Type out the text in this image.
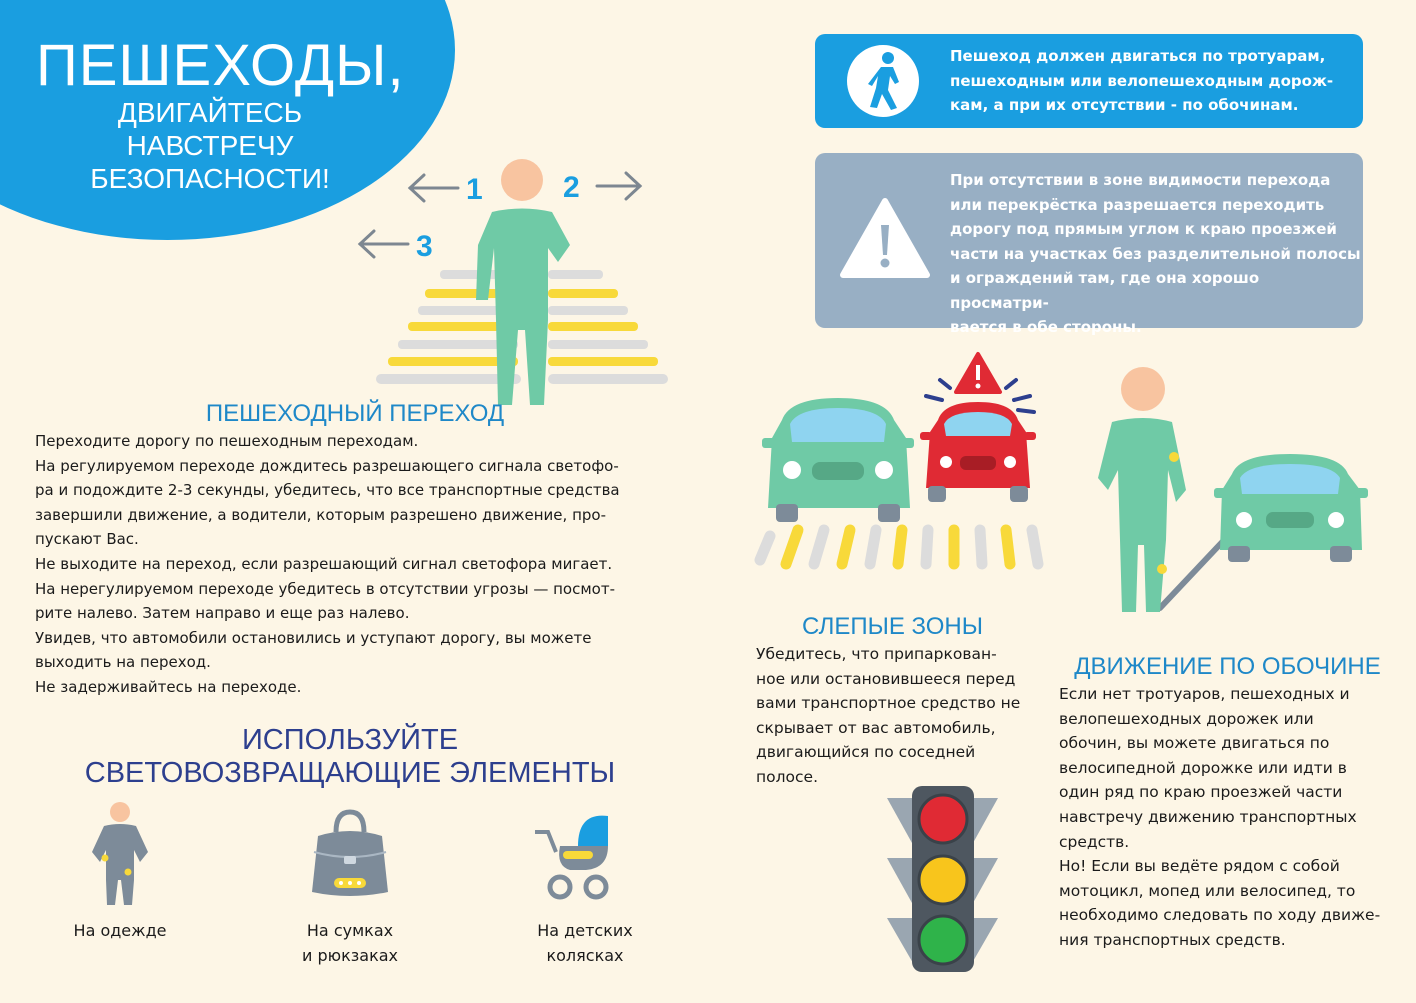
ПЕШЕХОДЫ,
ДВИГАЙТЕСЬ НАВСТРЕЧУ БЕЗОПАСНОСТИ!	1	2
3
ПЕШЕХОДНЫЙ ПЕРЕХОД

Переходите дорогу по пешеходным переходам.

На регулируемом переходе дождитесь разрешающего сигнала светофо-

ра и подождите 2-3 секунды, убедитесь, что все транспортные средства

завершили движение, а водители, которым разрешено движение, про-

пускают Вас.

Не выходите на переход, если разрешающий сигнал светофора мигает.

На нерегулируемом переходе убедитесь в отсутствии угрозы — посмот-

рите налево. Затем направо и еще раз налево.

Увидев, что автомобили остановились и уступают дорогу, вы можете

выходить на переход.

Не задерживайтесь на переходе.

ИСПОЛЬЗУЙТЕ
СВЕТОВОЗВРАЩАЮЩИЕ ЭЛЕМЕНТЫ
На одежде	На сумках
и рюкзаках
На детских
колясках
Пешеход должен двигаться по тротуарам,
пешеходным или велопешеходным дорож-
кам, а при их отсутствии - по обочинам.
При отсутствии в зоне видимости перехода
или перекрёстка разрешается переходить
дорогу под прямым углом к краю проезжей
части на участках без разделительной полосы
и ограждений там, где она хорошо просматри-
вается в обе стороны.
СЛЕПЫЕ ЗОНЫ

Убедитесь, что припаркован-

ное или остановившееся перед

вами транспортное средство не

скрывает от вас автомобиль,

двигающийся по соседней

полосе.

ДВИЖЕНИЕ ПО ОБОЧИНЕ

Если нет тротуаров, пешеходных и

велопешеходных дорожек или

обочин, вы можете двигаться по

велосипедной дорожке или идти в

один ряд по краю проезжей части

навстречу движению транспортных

средств.

Но! Если вы ведёте рядом с собой

мотоцикл, мопед или велосипед, то

необходимо следовать по ходу движе-

ния транспортных средств.
